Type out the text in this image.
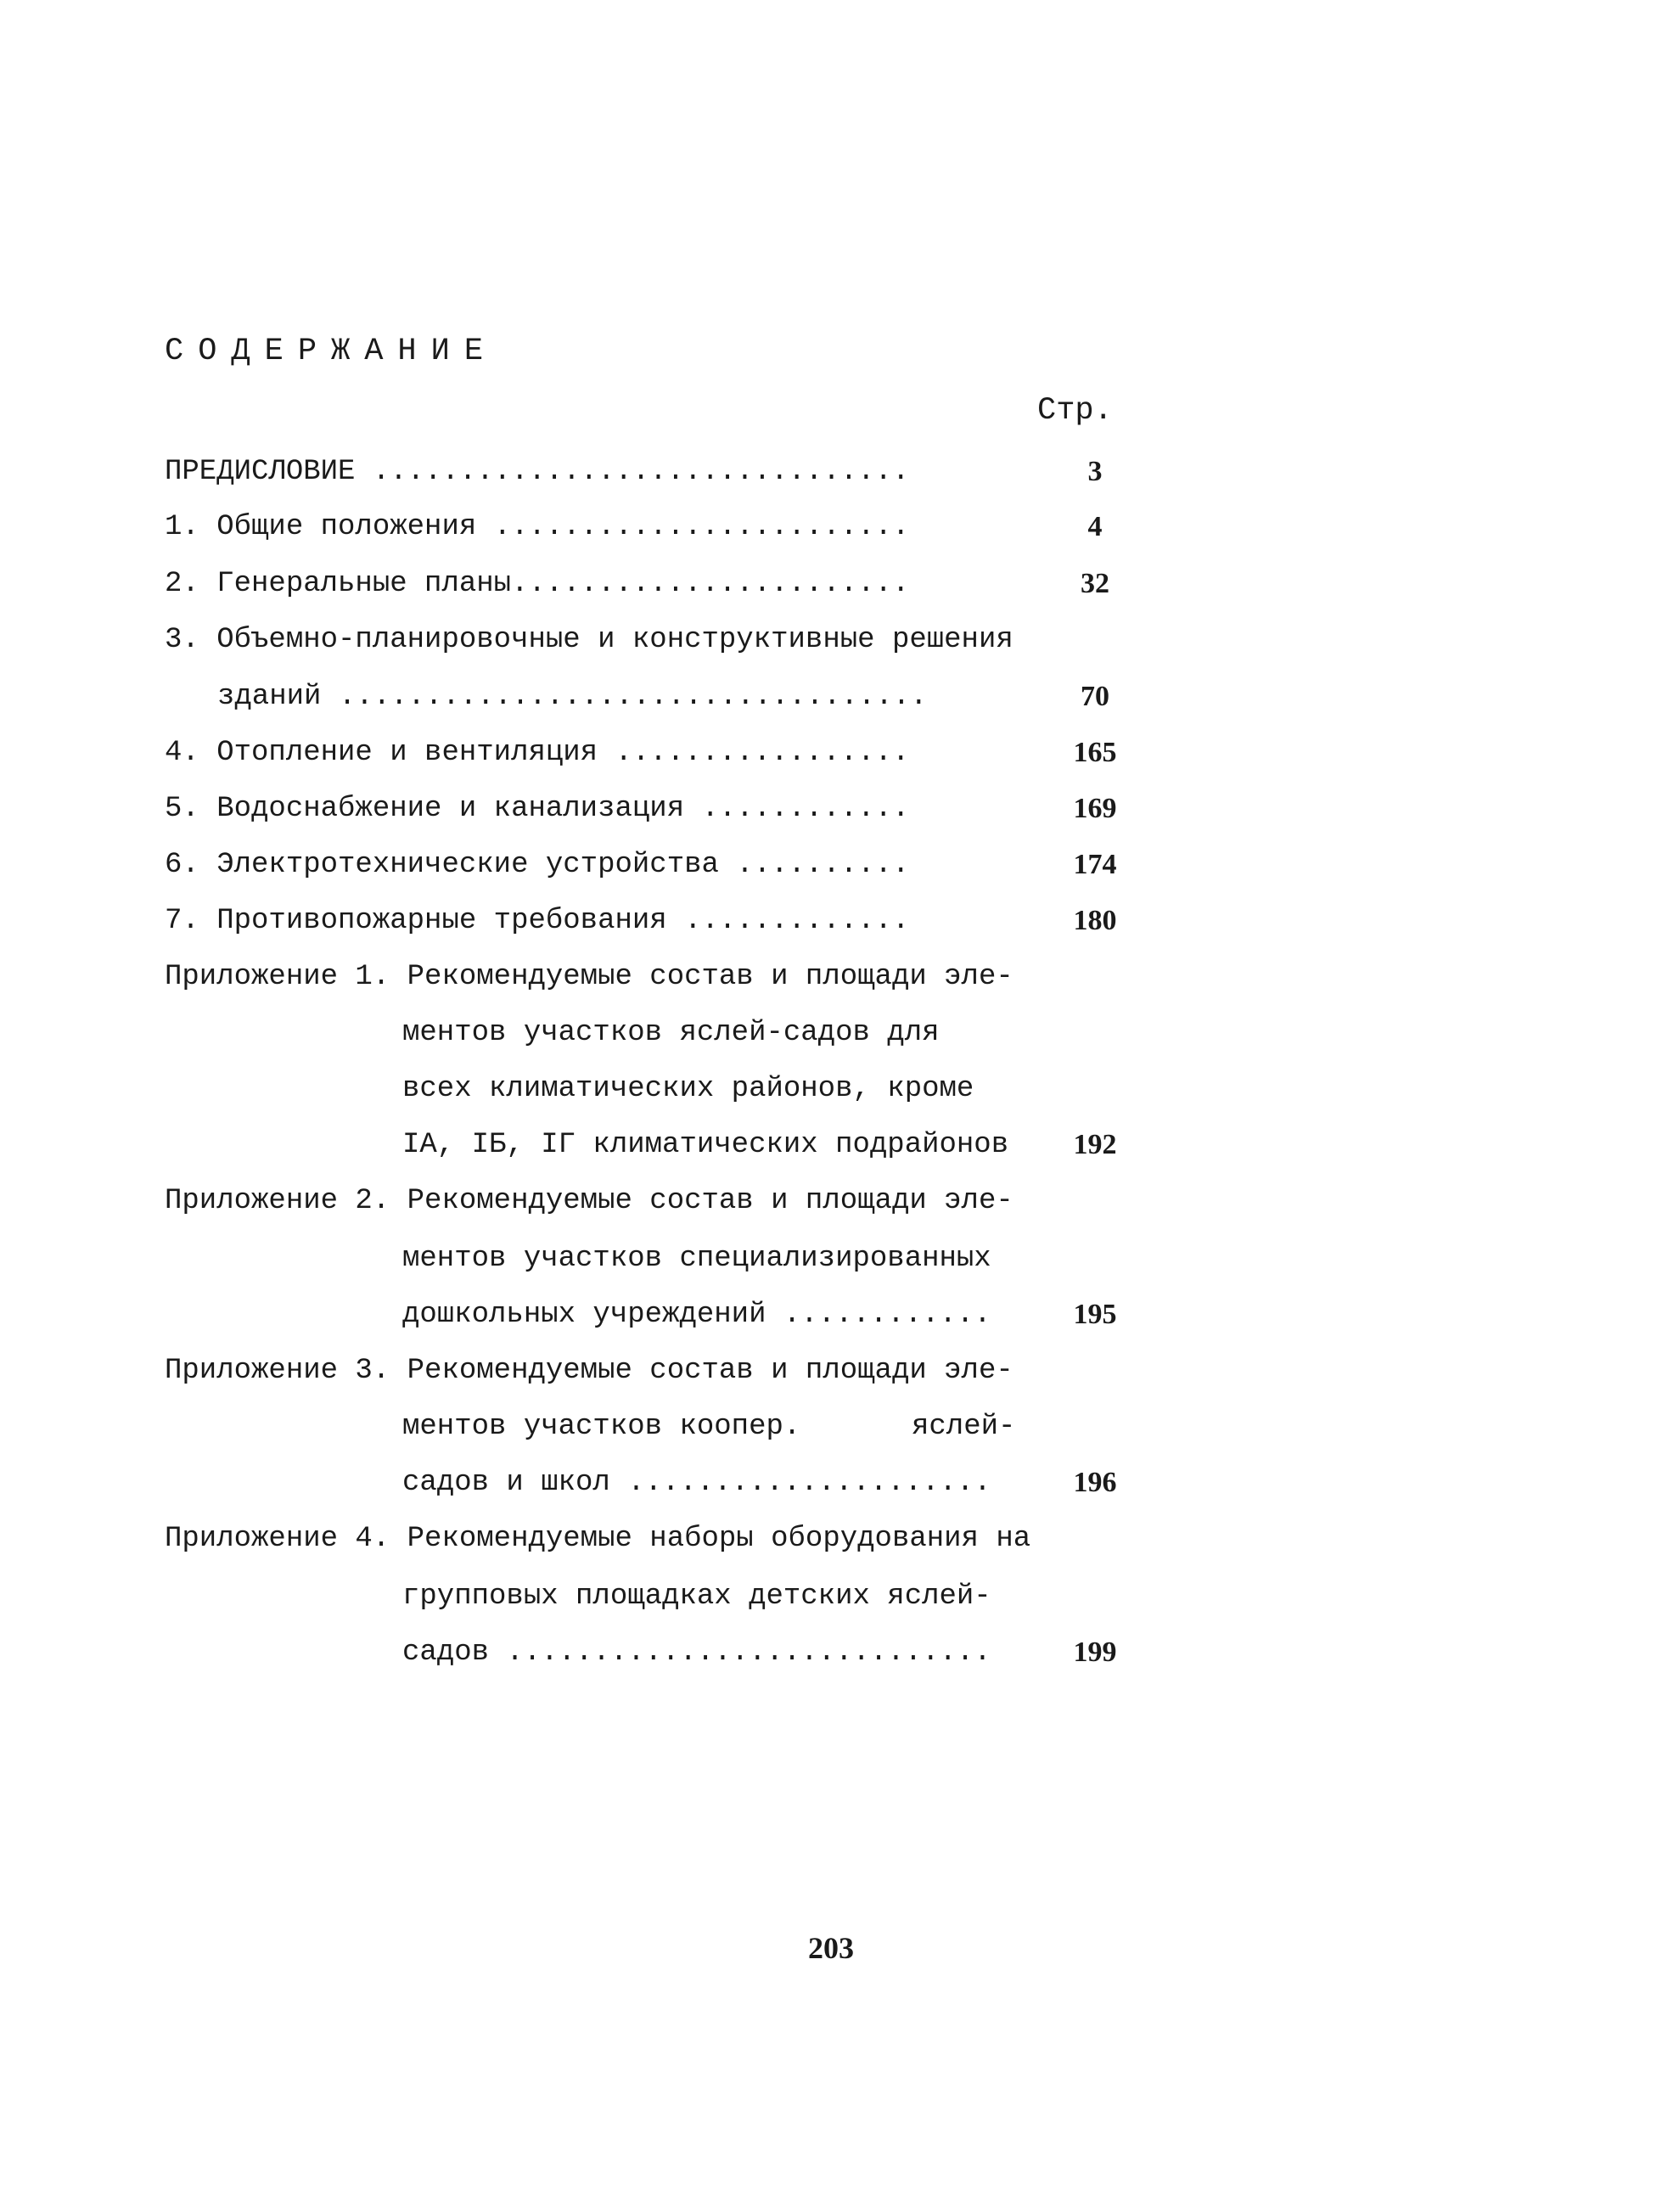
СОДЕРЖАНИЕ
Стр.
ПРЕДИСЛОВИЕ ...............................	3
1. Общие положения ........................	4
2. Генеральные планы.......................	32
3. Объемно-планировочные и конструктивные решения
зданий ..................................	70
4. Отопление и вентиляция .................	165
5. Водоснабжение и канализация ............	169
6. Электротехнические устройства ..........	174
7. Противопожарные требования .............	180
Приложение 1. Рекомендуемые состав и площади эле-
ментов участков яслей-садов для
всех климатических районов, кроме
IА, IБ, IГ климатических подрайонов	192
Приложение 2. Рекомендуемые состав и площади эле-
ментов участков специализированных
дошкольных учреждений ............	195
Приложение 3. Рекомендуемые состав и площади эле-
ментов участков коопер.	яслей-
садов и школ .....................	196
Приложение 4. Рекомендуемые наборы оборудования на
групповых площадках детских яслей-
садов ............................	199
203
